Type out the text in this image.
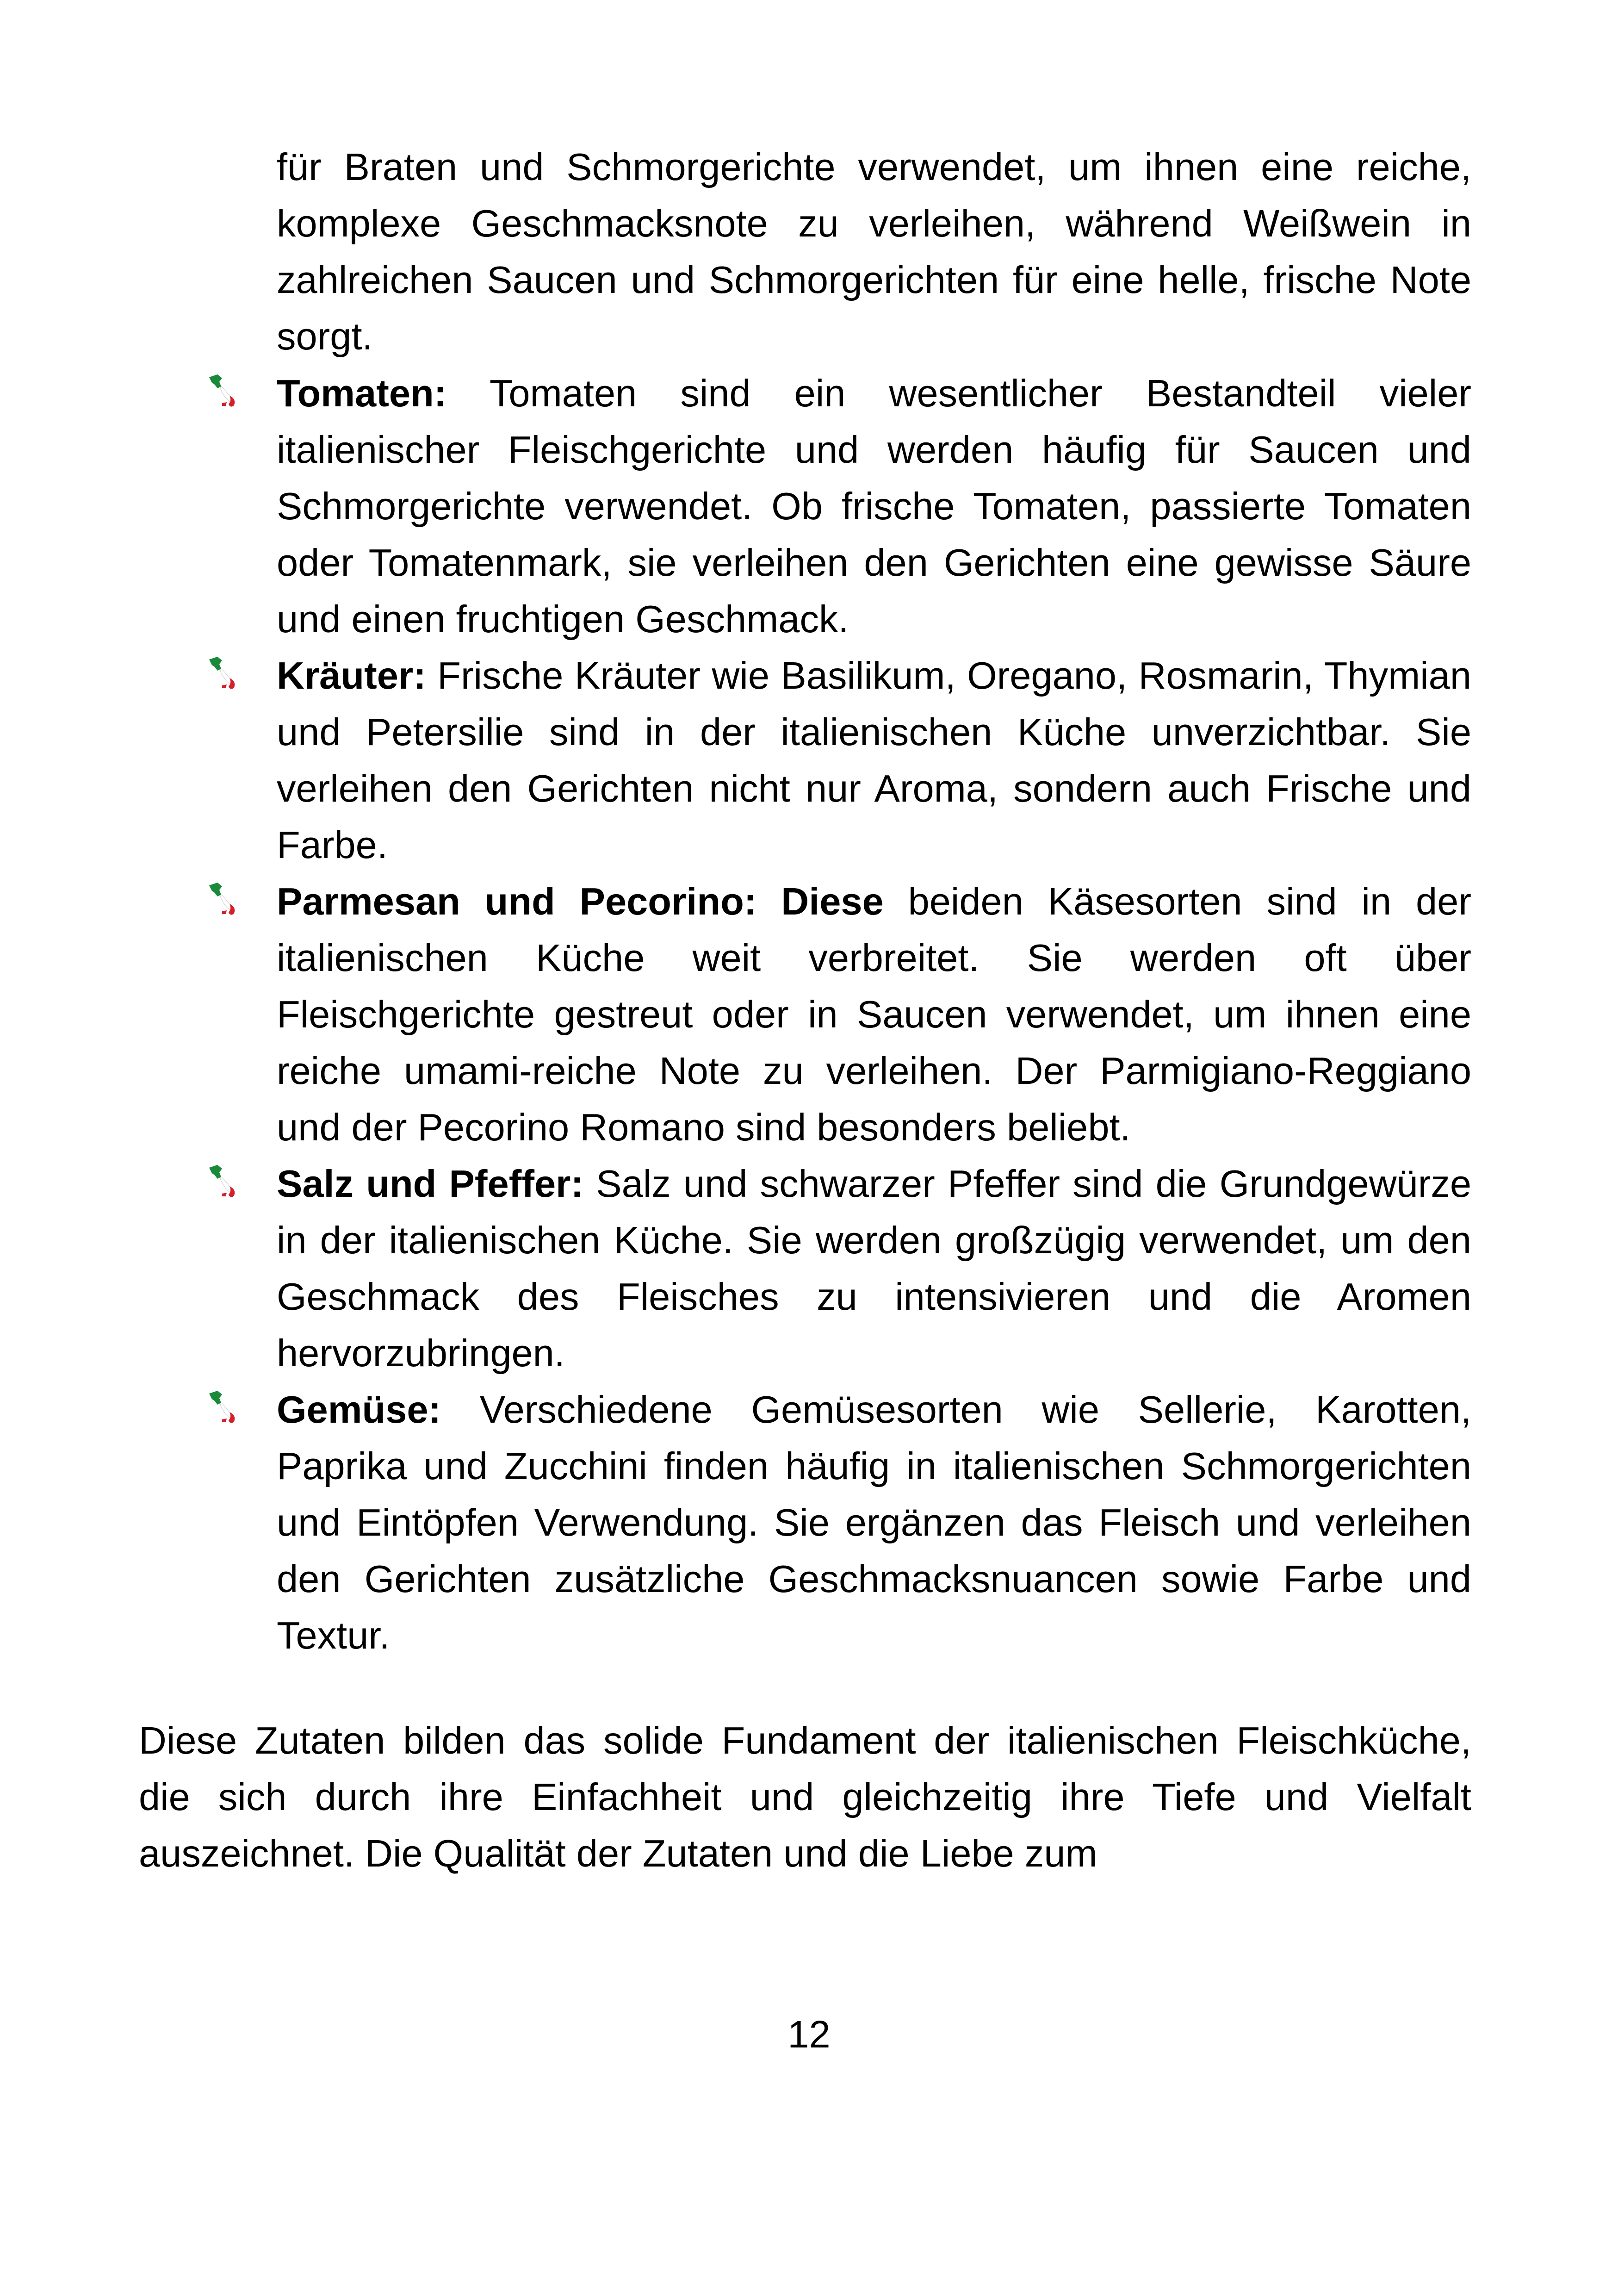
für Braten und Schmorgerichte verwendet, um ihnen eine reiche, komplexe Geschmacksnote zu verleihen, während Weißwein in zahlreichen Saucen und Schmorgerichten für eine helle, frische Note sorgt.

Tomaten: Tomaten sind ein wesentlicher Bestandteil vieler italienischer Fleischgerichte und werden häufig für Saucen und Schmorgerichte verwendet. Ob frische Tomaten, passierte Tomaten oder Tomatenmark, sie verleihen den Gerichten eine gewisse Säure und einen fruchtigen Geschmack.
Kräuter: Frische Kräuter wie Basilikum, Oregano, Rosmarin, Thymian und Petersilie sind in der italienischen Küche unverzichtbar. Sie verleihen den Gerichten nicht nur Aroma, sondern auch Frische und Farbe.
Parmesan und Pecorino: Diese beiden Käsesorten sind in der italienischen Küche weit verbreitet. Sie werden oft über Fleischgerichte gestreut oder in Saucen verwendet, um ihnen eine reiche umami-reiche Note zu verleihen. Der Parmigiano-Reggiano und der Pecorino Romano sind besonders beliebt.
Salz und Pfeffer: Salz und schwarzer Pfeffer sind die Grundgewürze in der italienischen Küche. Sie werden großzügig verwendet, um den Geschmack des Fleisches zu intensivieren und die Aromen hervorzubringen.
Gemüse: Verschiedene Gemüsesorten wie Sellerie, Karotten, Paprika und Zucchini finden häufig in italienischen Schmorgerichten und Eintöpfen Verwendung. Sie ergänzen das Fleisch und verleihen den Gerichten zusätzliche Geschmacksnuancen sowie Farbe und Textur.

Diese Zutaten bilden das solide Fundament der italienischen Fleischküche, die sich durch ihre Einfachheit und gleichzeitig ihre Tiefe und Vielfalt auszeichnet. Die Qualität der Zutaten und die Liebe zum

12
